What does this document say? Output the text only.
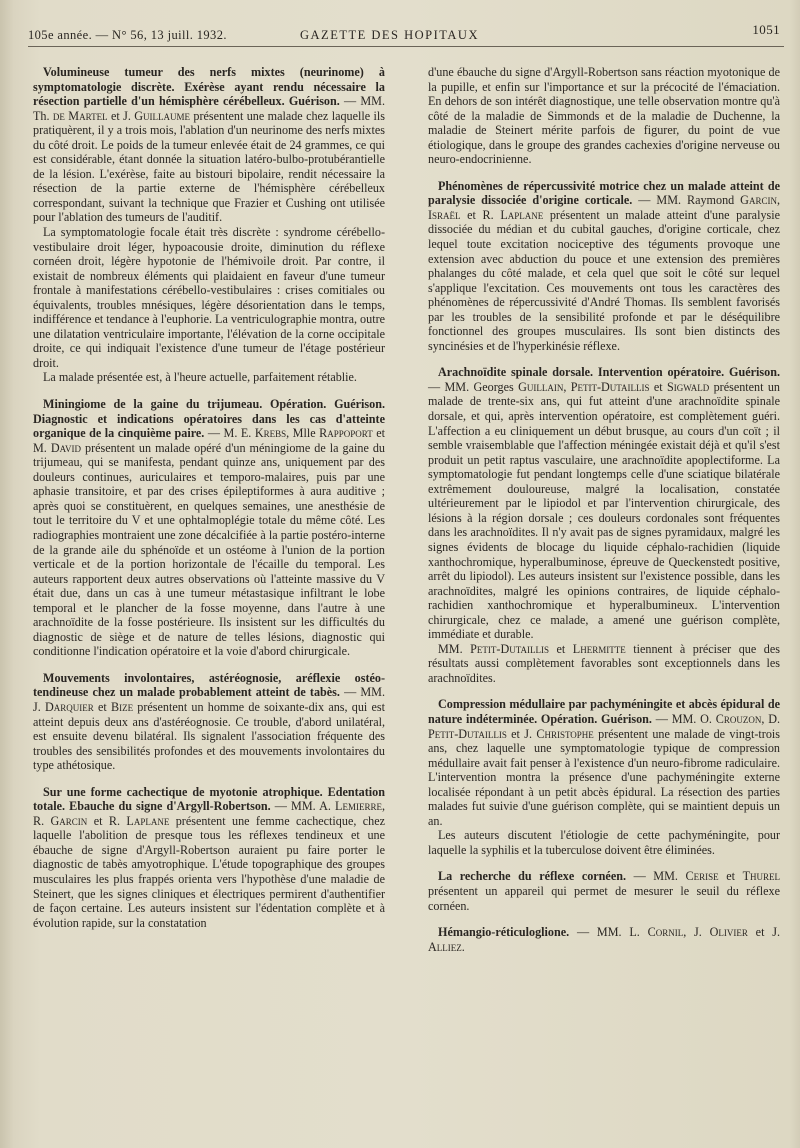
105e année. — N° 56, 13 juill. 1932.	GAZETTE DES HOPITAUX	1051

Volumineuse tumeur des nerfs mixtes (neurinome) à symptomatologie discrète. Exérèse ayant rendu nécessaire la résection partielle d'un hémisphère cérébelleux. Guérison. — MM. Th. de Martel et J. Guillaume présentent une malade chez laquelle ils pratiquèrent, il y a trois mois, l'ablation d'un neurinome des nerfs mixtes du côté droit. Le poids de la tumeur enlevée était de 24 grammes, ce qui est considérable, étant donnée la situation latéro-bulbo-protubérantielle de la lésion. L'exérèse, faite au bistouri bipolaire, rendit nécessaire la résection de la partie externe de l'hémisphère cérébelleux correspondant, suivant la technique que Frazier et Cushing ont utilisée pour l'ablation des tumeurs de l'auditif.

La symptomatologie focale était très discrète : syndrome cérébello-vestibulaire droit léger, hypoacousie droite, diminution du réflexe cornéen droit, légère hypotonie de l'hémivoile droit. Par contre, il existait de nombreux éléments qui plaidaient en faveur d'une tumeur frontale à manifestations cérébello-vestibulaires : crises comitiales ou équivalents, troubles mnésiques, légère désorientation dans le temps, indifférence et tendance à l'euphorie. La ventriculographie montra, outre une dilatation ventriculaire importante, l'élévation de la corne occipitale droite, ce qui indiquait l'existence d'une tumeur de l'étage postérieur droit.

La malade présentée est, à l'heure actuelle, parfaitement rétablie.

Miningiome de la gaine du trijumeau. Opération. Guérison. Diagnostic et indications opératoires dans les cas d'atteinte organique de la cinquième paire. — M. E. Krebs, Mlle Rappoport et M. David présentent un malade opéré d'un méningiome de la gaine du trijumeau, qui se manifesta, pendant quinze ans, uniquement par des douleurs continues, auriculaires et temporo-malaires, puis par une aphasie transitoire, et par des crises épileptiformes à aura auditive ; après quoi se constituèrent, en quelques semaines, une anesthésie de tout le territoire du V et une ophtalmoplégie totale du même côté. Les radiographies montraient une zone décalcifiée à la partie postéro-interne de la grande aile du sphénoïde et un ostéome à l'union de la portion verticale et de la portion horizontale de l'écaille du temporal. Les auteurs rapportent deux autres observations où l'atteinte massive du V était due, dans un cas à une tumeur métastasique infiltrant le lobe temporal et le plancher de la fosse moyenne, dans l'autre à une arachnoïdite de la fosse postérieure. Ils insistent sur les difficultés du diagnostic de siège et de nature de telles lésions, diagnostic qui conditionne l'indication opératoire et la voie d'abord chirurgicale.

Mouvements involontaires, astéréognosie, aréflexie ostéo-tendineuse chez un malade probablement atteint de tabès. — MM. J. Darquier et Bize présentent un homme de soixante-dix ans, qui est atteint depuis deux ans d'astéréognosie. Ce trouble, d'abord unilatéral, est ensuite devenu bilatéral. Ils signalent l'association fréquente des troubles des sensibilités profondes et des mouvements involontaires du type athétosique.

Sur une forme cachectique de myotonie atrophique. Edentation totale. Ebauche du signe d'Argyll-Robertson. — MM. A. Lemierre, R. Garcin et R. Laplane présentent une femme cachectique, chez laquelle l'abolition de presque tous les réflexes tendineux et une ébauche de signe d'Argyll-Robertson auraient pu faire porter le diagnostic de tabès amyotrophique. L'étude topographique des groupes musculaires les plus frappés orienta vers l'hypothèse d'une maladie de Steinert, que les signes cliniques et électriques permirent d'authentifier de façon certaine. Les auteurs insistent sur l'édentation complète et à évolution rapide, sur la constatation

d'une ébauche du signe d'Argyll-Robertson sans réaction myotonique de la pupille, et enfin sur l'importance et sur la précocité de l'émaciation. En dehors de son intérêt diagnostique, une telle observation montre qu'à côté de la maladie de Simmonds et de la maladie de Duchenne, la maladie de Steinert mérite parfois de figurer, du point de vue étiologique, dans le groupe des grandes cachexies d'origine nerveuse ou neuro-endocrinienne.

Phénomènes de répercussivité motrice chez un malade atteint de paralysie dissociée d'origine corticale. — MM. Raymond Garcin, Israël et R. Laplane présentent un malade atteint d'une paralysie dissociée du médian et du cubital gauches, d'origine corticale, chez lequel toute excitation nociceptive des téguments provoque une extension avec abduction du pouce et une extension des premières phalanges du côté malade, et cela quel que soit le côté sur lequel s'applique l'excitation. Ces mouvements ont tous les caractères des phénomènes de répercussivité d'André Thomas. Ils semblent favorisés par les troubles de la sensibilité profonde et par le déséquilibre fonctionnel des groupes musculaires. Ils sont bien distincts des syncinésies et de l'hyperkinésie réflexe.

Arachnoïdite spinale dorsale. Intervention opératoire. Guérison. — MM. Georges Guillain, Petit-Dutaillis et Sigwald présentent un malade de trente-six ans, qui fut atteint d'une arachnoïdite spinale dorsale, et qui, après intervention opératoire, est complètement guéri. L'affection a eu cliniquement un début brusque, au cours d'un coït ; il semble vraisemblable que l'affection méningée existait déjà et qu'il s'est produit un petit raptus vasculaire, une arachnoïdite apoplectiforme. La symptomatologie fut pendant longtemps celle d'une sciatique bilatérale extrêmement douloureuse, malgré la localisation, constatée ultérieurement par le lipiodol et par l'intervention chirurgicale, des lésions à la région dorsale ; ces douleurs cordonales sont fréquentes dans les arachnoïdites. Il n'y avait pas de signes pyramidaux, malgré les signes évidents de blocage du liquide céphalo-rachidien (liquide xanthochromique, hyperalbuminose, épreuve de Queckenstedt positive, arrêt du lipiodol). Les auteurs insistent sur l'existence possible, dans les arachnoïdites, malgré les opinions contraires, de liquide céphalo-rachidien xanthochromique et hyperalbumineux. L'intervention chirurgicale, chez ce malade, a amené une guérison complète, immédiate et durable.

MM. Petit-Dutaillis et Lhermitte tiennent à préciser que des résultats aussi complètement favorables sont exceptionnels dans les arachnoïdites.

Compression médullaire par pachyméningite et abcès épidural de nature indéterminée. Opération. Guérison. — MM. O. Crouzon, D. Petit-Dutaillis et J. Christophe présentent une malade de vingt-trois ans, chez laquelle une symptomatologie typique de compression médullaire avait fait penser à l'existence d'un neuro-fibrome radiculaire. L'intervention montra la présence d'une pachyméningite externe localisée répondant à un petit abcès épidural. La résection des parties malades fut suivie d'une guérison complète, qui se maintient depuis un an.

Les auteurs discutent l'étiologie de cette pachyméningite, pour laquelle la syphilis et la tuberculose doivent être éliminées.

La recherche du réflexe cornéen. — MM. Cerise et Thurel présentent un appareil qui permet de mesurer le seuil du réflexe cornéen.

Hémangio-réticuloglione. — MM. L. Cornil, J. Olivier et J. Alliez.
